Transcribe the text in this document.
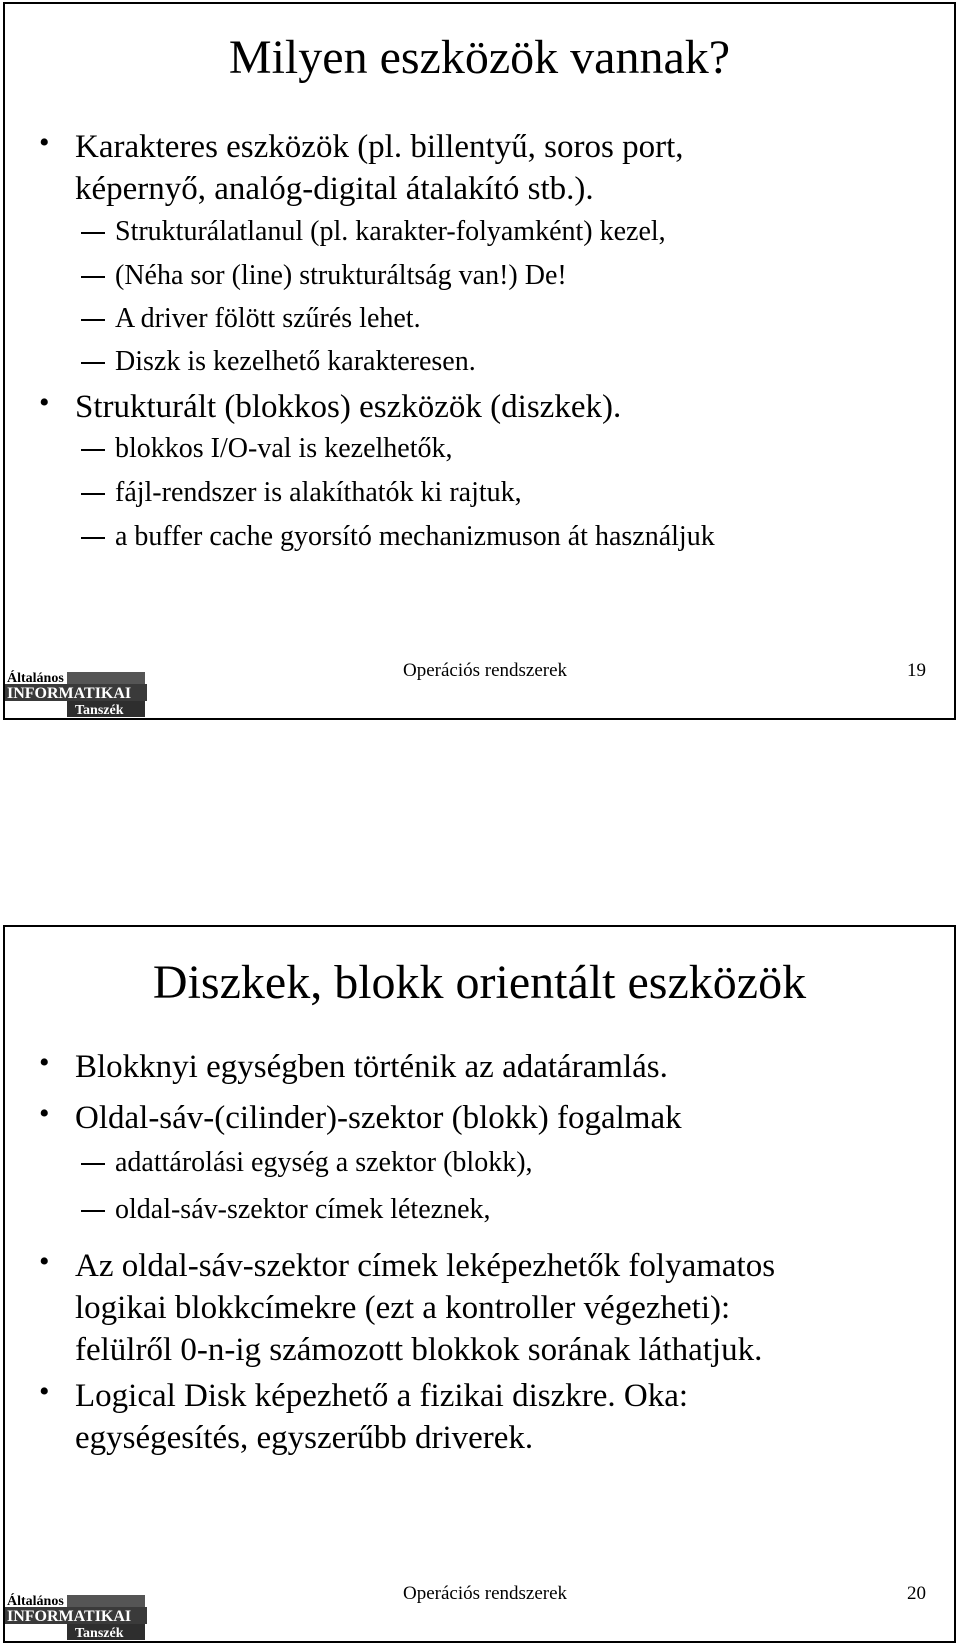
Milyen eszközök vannak?
• Karakteres eszközök (pl. billentyű, soros port,
képernyő, analóg-digital átalakító stb.).
Strukturálatlanul (pl. karakter-folyamként) kezel,
(Néha sor (line) strukturáltság van!) De!
A driver fölött szűrés lehet.
Diszk is kezelhető karakteresen.
• Strukturált (blokkos) eszközök (diszkek).
blokkos I/O-val is kezelhetők,
fájl-rendszer is alakíthatók ki rajtuk,
a buffer cache gyorsító mechanizmuson át használjuk
Általános
INFORMATIKAI
Tanszék
Operációs rendszerek	19
Diszkek, blokk orientált eszközök
• Blokknyi egységben történik az adatáramlás.
• Oldal-sáv-(cilinder)-szektor (blokk) fogalmak
adattárolási egység a szektor (blokk),
oldal-sáv-szektor címek léteznek,
• Az oldal-sáv-szektor címek leképezhetők folyamatos
logikai blokkcímekre (ezt a kontroller végezheti):
felülről 0-n-ig számozott blokkok sorának láthatjuk.
• Logical Disk képezhető a fizikai diszkre. Oka:
egységesítés, egyszerűbb driverek.
Általános
INFORMATIKAI
Tanszék
Operációs rendszerek	20
